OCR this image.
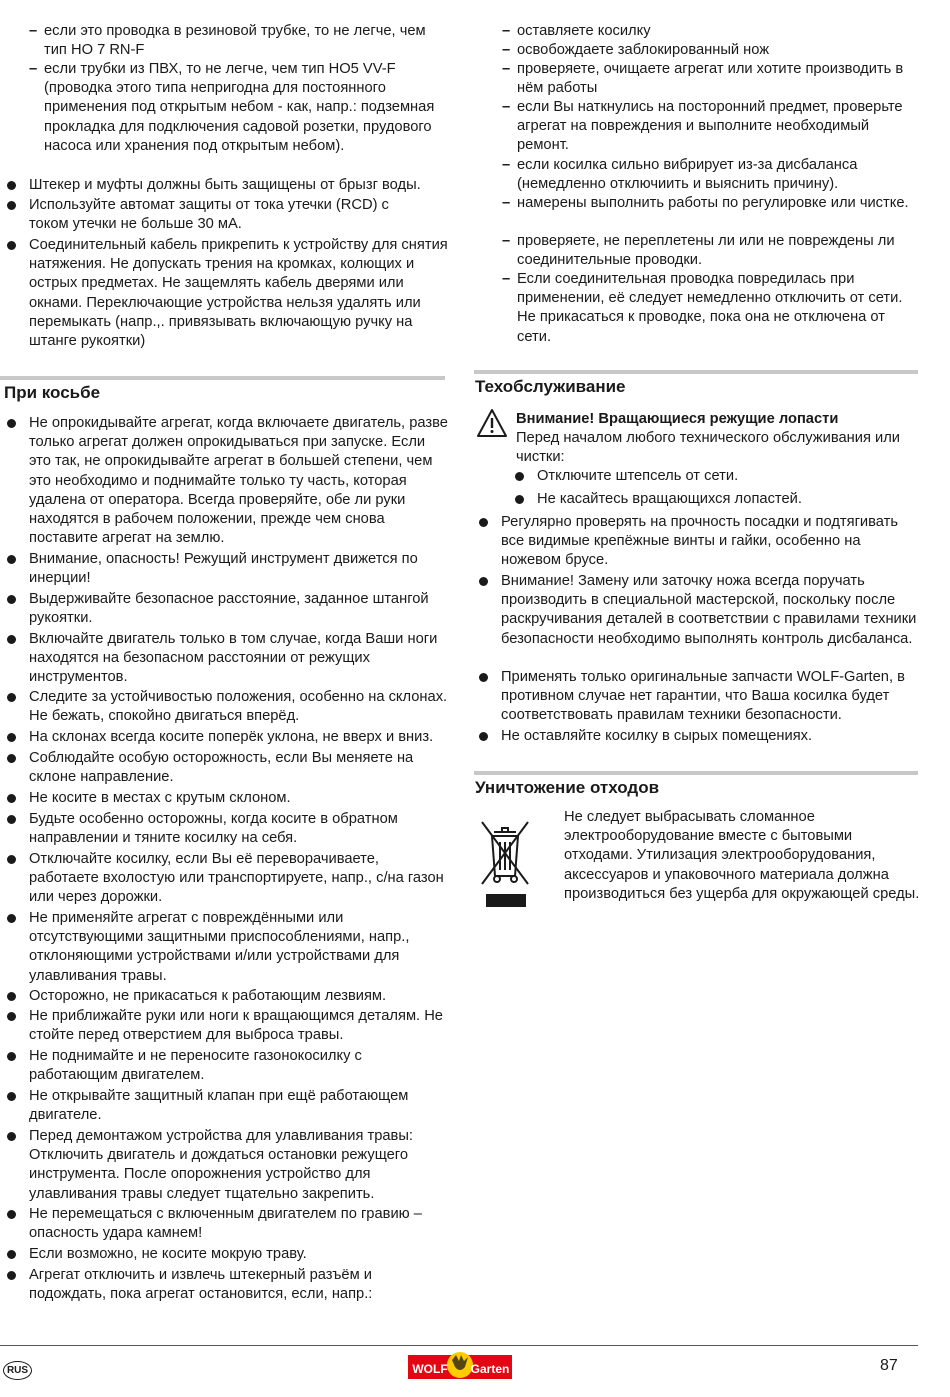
– если это проводка в резиновой трубке, то не легче, чем тип HO 7 RN-F

– если трубки из ПВХ, то не легче, чем тип HO5 VV-F (проводка этого типа непригодна для постоянного применения под открытым небом - как, напр.: подземная прокладка для подключения садовой розетки, прудового насоса или хранения под открытым небом).

Штекер и муфты должны быть защищены от брызг воды.

Используйте автомат защиты от тока утечки (RCD) с током утечки не больше 30 мА.

Соединительный кабель прикрепить к устройству для снятия натяжения. Не допускать трения на кромках, колющих и острых предметах. Не защемлять кабель дверями или окнами. Переключающие устройства нельзя удалять или перемыкать (напр.,. привязывать включающую ручку на штанге рукоятки)

При косьбе

Не опрокидывайте агрегат, когда включаете двигатель, разве только агрегат должен опрокидываться при запуске. Если это так, не опрокидывайте агрегат в большей степени, чем это необходимо и поднимайте только ту часть, которая удалена от оператора. Всегда проверяйте, обе ли руки находятся в рабочем положении, прежде чем снова поставите агрегат на землю.

Внимание, опасность! Режущий инструмент движется по инерции!

Выдерживайте безопасное расстояние, заданное штангой рукоятки.

Включайте двигатель только в том случае, когда Ваши ноги находятся на безопасном расстоянии от режущих инструментов.

Следите за устойчивостью положения, особенно на склонах. Не бежать, спокойно двигаться вперёд.

На склонах всегда косите поперёк уклона, не вверх и вниз.

Соблюдайте особую осторожность, если Вы меняете на склоне направление.

Не косите в местах с крутым склоном.

Будьте особенно осторожны, когда косите в обратном направлении и тяните косилку на себя.

Отключайте косилку, если Вы её переворачиваете, работаете вхолостую или транспортируете, напр., с/на газон или через дорожки.

Не применяйте агрегат с повреждёнными или отсутствующими защитными приспособлениями, напр., отклоняющими устройствами и/или устройствами для улавливания травы.

Осторожно, не прикасаться к работающим лезвиям.

Не приближайте руки или ноги к вращающимся деталям. Не стойте перед отверстием для выброса травы.

Не поднимайте и не переносите газонокосилку с работающим двигателем.

Не открывайте защитный клапан при ещё работающем двигателе.

Перед демонтажом устройства для улавливания травы: Отключить двигатель и дождаться остановки режущего инструмента. После опорожнения устройство для улавливания травы следует тщательно закрепить.

Не перемещаться с включенным двигателем по гравию – опасность удара камнем!

Если возможно, не косите мокрую траву.

Агрегат отключить и извлечь штекерный разъём и подождать, пока агрегат остановится, если, напр.:

– оставляете косилку

– освобождаете заблокированный нож

– проверяете, очищаете агрегат или хотите производить в нём работы

– если Вы наткнулись на посторонний предмет, проверьте агрегат на повреждения и выполните необходимый ремонт.

– если косилка сильно вибрирует из-за дисбаланса (немедленно отключиить и выяснить причину).

– намерены выполнить работы по регулировке или чистке.

– проверяете, не переплетены ли или не повреждены ли соединительные проводки.

– Если соединительная проводка повредилась при применении, её следует немедленно отключить от сети. Не прикасаться к проводке, пока она не отключена от сети.

Техобслуживание

Внимание! Вращающиеся режущие лопасти

Перед началом любого технического обслуживания или чистки:

Отключите штепсель от сети.

Не касайтесь вращающихся лопастей.

Регулярно проверять на прочность посадки и подтягивать все видимые крепёжные винты и гайки, особенно на ножевом брусе.

Внимание! Замену или заточку ножа всегда поручать производить в специальной мастерской, поскольку после раскручивания деталей в соответствии с правилами техники безопасности необходимо выполнять контроль дисбаланса.

Применять только оригинальные запчасти WOLF-Garten, в противном случае нет гарантии, что Ваша косилка будет соответствовать правилам техники безопасности.

Не оставляйте косилку в сырых помещениях.

Уничтожение отходов

Не следует выбрасывать сломанное электрооборудование вместе с бытовыми отходами. Утилизация электрооборудования, аксессуаров и упаковочного материала должна производиться без ущерба для окружающей среды.

RUS	WOLF Garten	87
